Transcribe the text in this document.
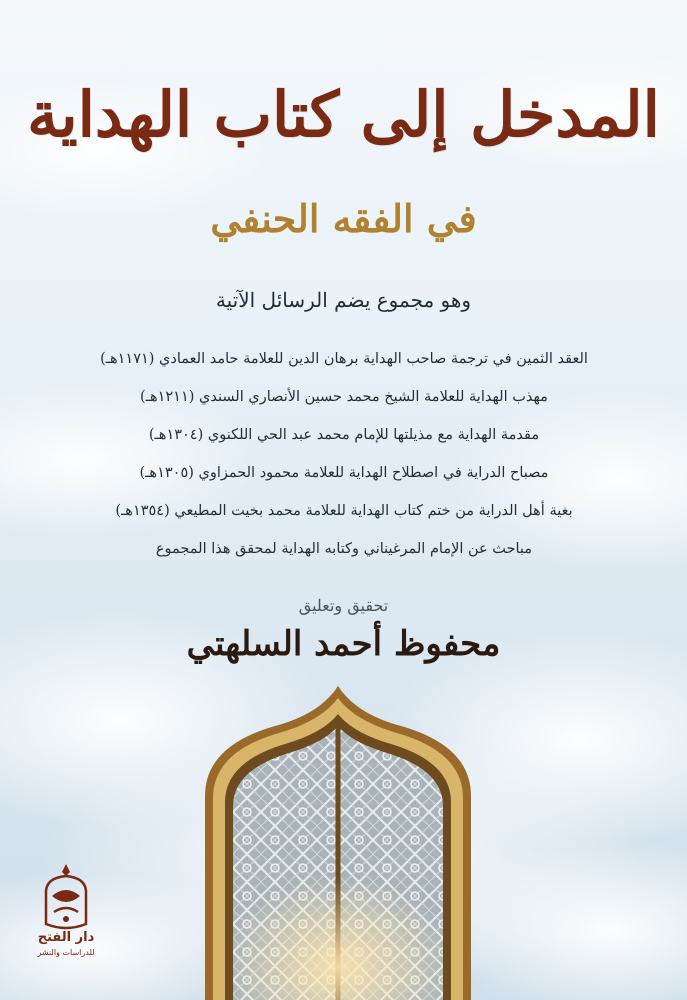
المدخل إلى كتاب الهداية
في الفقه الحنفي
وهو مجموع يضم الرسائل الآتية
العقد الثمين في ترجمة صاحب الهداية برهان الدين للعلامة حامد العمادي (١١٧١هـ)
مهذب الهداية للعلامة الشيخ محمد حسين الأنصاري السندي (١٢١١هـ)
مقدمة الهداية مع مذيلتها للإمام محمد عبد الحي اللكنوي (١٣٠٤هـ)
مصباح الدراية في اصطلاح الهداية للعلامة محمود الحمزاوي (١٣٠٥هـ)
بغية أهل الدراية من ختم كتاب الهداية للعلامة محمد بخيت المطيعي (١٣٥٤هـ)
مباحث عن الإمام المرغيناني وكتابه الهداية لمحقق هذا المجموع
تحقيق وتعليق
محفوظ أحمد السلهتي
دار الفتح
للدراسات والنشر
